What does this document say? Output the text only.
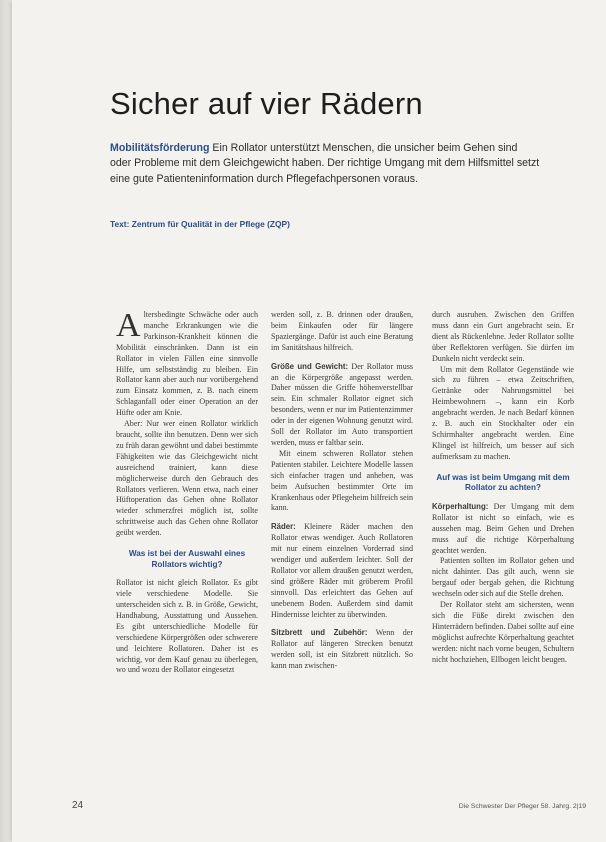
Sicher auf vier Rädern

Mobilitätsförderung Ein Rollator unterstützt Menschen, die unsicher beim Gehen sind oder Probleme mit dem Gleichgewicht haben. Der richtige Umgang mit dem Hilfsmittel setzt eine gute Patienteninformation durch Pflegefachpersonen voraus.

Text: Zentrum für Qualität in der Pflege (ZQP)

Altersbedingte Schwäche oder auch manche Erkrankungen wie die Parkinson-Krankheit können die Mobilität einschränken. Dann ist ein Rollator in vielen Fällen eine sinnvolle Hilfe, um selbstständig zu bleiben. Ein Rollator kann aber auch nur vorübergehend zum Einsatz kommen, z. B. nach einem Schlaganfall oder einer Operation an der Hüfte oder am Knie.

Aber: Nur wer einen Rollator wirklich braucht, sollte ihn benutzen. Denn wer sich zu früh daran gewöhnt und dabei bestimmte Fähigkeiten wie das Gleichgewicht nicht ausreichend trainiert, kann diese möglicherweise durch den Gebrauch des Rollators verlieren. Wenn etwa, nach einer Hüftoperation das Gehen ohne Rollator wieder schmerzfrei möglich ist, sollte schrittweise auch das Gehen ohne Rollator geübt werden.

Was ist bei der Auswahl eines Rollators wichtig?

Rollator ist nicht gleich Rollator. Es gibt viele verschiedene Modelle. Sie unterscheiden sich z. B. in Größe, Gewicht, Handhabung, Ausstattung und Aussehen. Es gibt unterschiedliche Modelle für verschiedene Körpergrößen oder schwerere und leichtere Rollatoren. Daher ist es wichtig, vor dem Kauf genau zu überlegen, wo und wozu der Rollator eingesetzt

werden soll, z. B. drinnen oder draußen, beim Einkaufen oder für längere Spaziergänge. Dafür ist auch eine Beratung im Sanitätshaus hilfreich.

Größe und Gewicht: Der Rollator muss an die Körpergröße angepasst werden. Daher müssen die Griffe höhenverstellbar sein. Ein schmaler Rollator eignet sich besonders, wenn er nur im Patientenzimmer oder in der eigenen Wohnung genutzt wird. Soll der Rollator im Auto transportiert werden, muss er faltbar sein.

Mit einem schweren Rollator stehen Patienten stabiler. Leichtere Modelle lassen sich einfacher tragen und anheben, was beim Aufsuchen bestimmter Orte im Krankenhaus oder Pflegeheim hilfreich sein kann.

Räder: Kleinere Räder machen den Rollator etwas wendiger. Auch Rollatoren mit nur einem einzelnen Vorderrad sind wendiger und außerdem leichter. Soll der Rollator vor allem draußen genutzt werden, sind größere Räder mit gröberem Profil sinnvoll. Das erleichtert das Gehen auf unebenem Boden. Außerdem sind damit Hindernisse leichter zu überwinden.

Sitzbrett und Zubehör: Wenn der Rollator auf längeren Strecken benutzt werden soll, ist ein Sitzbrett nützlich. So kann man zwischen-

durch ausruhen. Zwischen den Griffen muss dann ein Gurt angebracht sein. Er dient als Rückenlehne. Jeder Rollator sollte über Reflektoren verfügen. Sie dürfen im Dunkeln nicht verdeckt sein.

Um mit dem Rollator Gegenstände wie sich zu führen – etwa Zeitschriften, Getränke oder Nahrungsmittel bei Heimbewohnern –, kann ein Korb angebracht werden. Je nach Bedarf können z. B. auch ein Stockhalter oder ein Schirmhalter angebracht werden. Eine Klingel ist hilfreich, um besser auf sich aufmerksam zu machen.

Auf was ist beim Umgang mit dem Rollator zu achten?

Körperhaltung: Der Umgang mit dem Rollator ist nicht so einfach, wie es aussehen mag. Beim Gehen und Drehen muss auf die richtige Körperhaltung geachtet werden.

Patienten sollten im Rollator gehen und nicht dahinter. Das gilt auch, wenn sie bergauf oder bergab gehen, die Richtung wechseln oder sich auf die Stelle drehen.

Der Rollator steht am sichersten, wenn sich die Füße direkt zwischen den Hinterrädern befinden. Dabei sollte auf eine möglichst aufrechte Körperhaltung geachtet werden: nicht nach vorne beugen, Schultern nicht hochziehen, Ellbogen leicht beugen.

24	Die Schwester Der Pfleger 58. Jahrg. 2|19
